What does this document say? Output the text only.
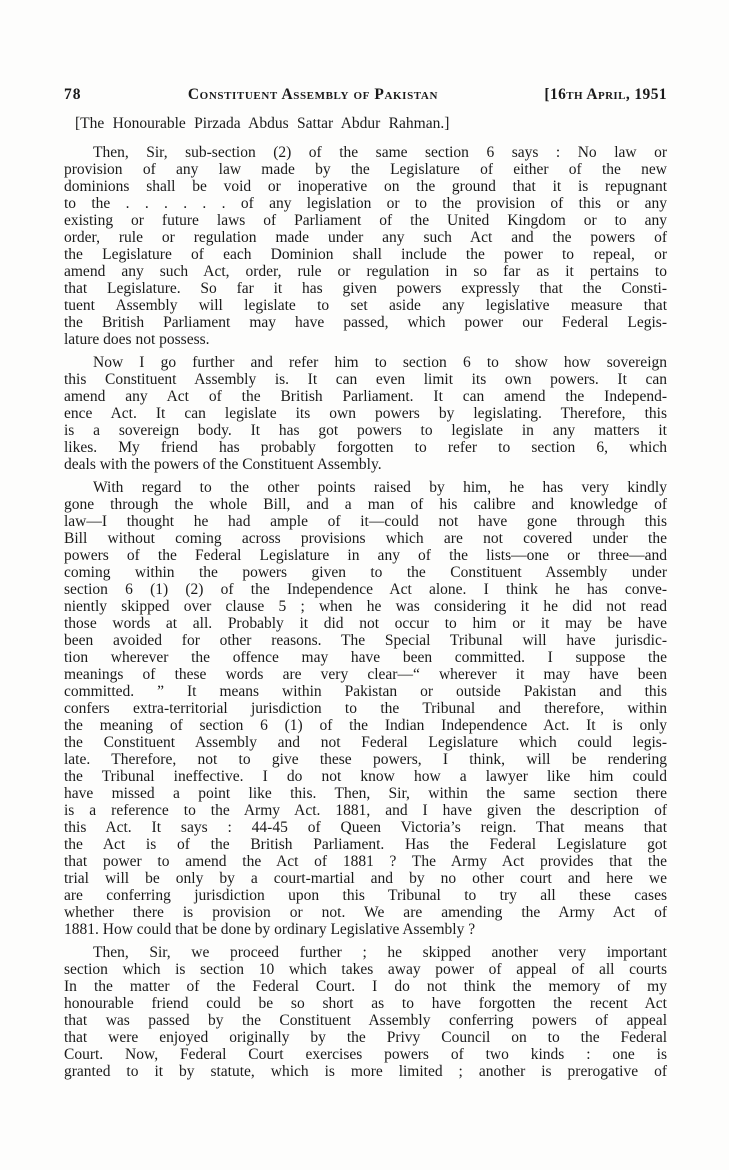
78	Constituent Assembly of Pakistan	[16th April, 1951
[The Honourable Pirzada Abdus Sattar Abdur Rahman.]
Then, Sir, sub-section (2) of the same section 6 says : No law or
provision of any law made by the Legislature of either of the new
dominions shall be void or inoperative on the ground that it is repugnant
to the . . . . . . of any legislation or to the provision of this or any
existing or future laws of Parliament of the United Kingdom or to any
order, rule or regulation made under any such Act and the powers of
the Legislature of each Dominion shall include the power to repeal, or
amend any such Act, order, rule or regulation in so far as it pertains to
that Legislature. So far it has given powers expressly that the Consti-
tuent Assembly will legislate to set aside any legislative measure that
the British Parliament may have passed, which power our Federal Legis-
lature does not possess.
Now I go further and refer him to section 6 to show how sovereign
this Constituent Assembly is. It can even limit its own powers. It can
amend any Act of the British Parliament. It can amend the Independ-
ence Act. It can legislate its own powers by legislating. Therefore, this
is a sovereign body. It has got powers to legislate in any matters it
likes. My friend has probably forgotten to refer to section 6, which
deals with the powers of the Constituent Assembly.
With regard to the other points raised by him, he has very kindly
gone through the whole Bill, and a man of his calibre and knowledge of
law—I thought he had ample of it—could not have gone through this
Bill without coming across provisions which are not covered under the
powers of the Federal Legislature in any of the lists—one or three—and
coming within the powers given to the Constituent Assembly under
section 6 (1) (2) of the Independence Act alone. I think he has conve-
niently skipped over clause 5 ; when he was considering it he did not read
those words at all. Probably it did not occur to him or it may be have
been avoided for other reasons. The Special Tribunal will have jurisdic-
tion wherever the offence may have been committed. I suppose the
meanings of these words are very clear—“ wherever it may have been
committed. ” It means within Pakistan or outside Pakistan and this
confers extra-territorial jurisdiction to the Tribunal and therefore, within
the meaning of section 6 (1) of the Indian Independence Act. It is only
the Constituent Assembly and not Federal Legislature which could legis-
late. Therefore, not to give these powers, I think, will be rendering
the Tribunal ineffective. I do not know how a lawyer like him could
have missed a point like this. Then, Sir, within the same section there
is a reference to the Army Act. 1881, and I have given the description of
this Act. It says : 44-45 of Queen Victoria’s reign. That means that
the Act is of the British Parliament. Has the Federal Legislature got
that power to amend the Act of 1881 ? The Army Act provides that the
trial will be only by a court-martial and by no other court and here we
are conferring jurisdiction upon this Tribunal to try all these cases
whether there is provision or not. We are amending the Army Act of
1881. How could that be done by ordinary Legislative Assembly ?
Then, Sir, we proceed further ; he skipped another very important
section which is section 10 which takes away power of appeal of all courts
In the matter of the Federal Court. I do not think the memory of my
honourable friend could be so short as to have forgotten the recent Act
that was passed by the Constituent Assembly conferring powers of appeal
that were enjoyed originally by the Privy Council on to the Federal
Court. Now, Federal Court exercises powers of two kinds : one is
granted to it by statute, which is more limited ; another is prerogative of
